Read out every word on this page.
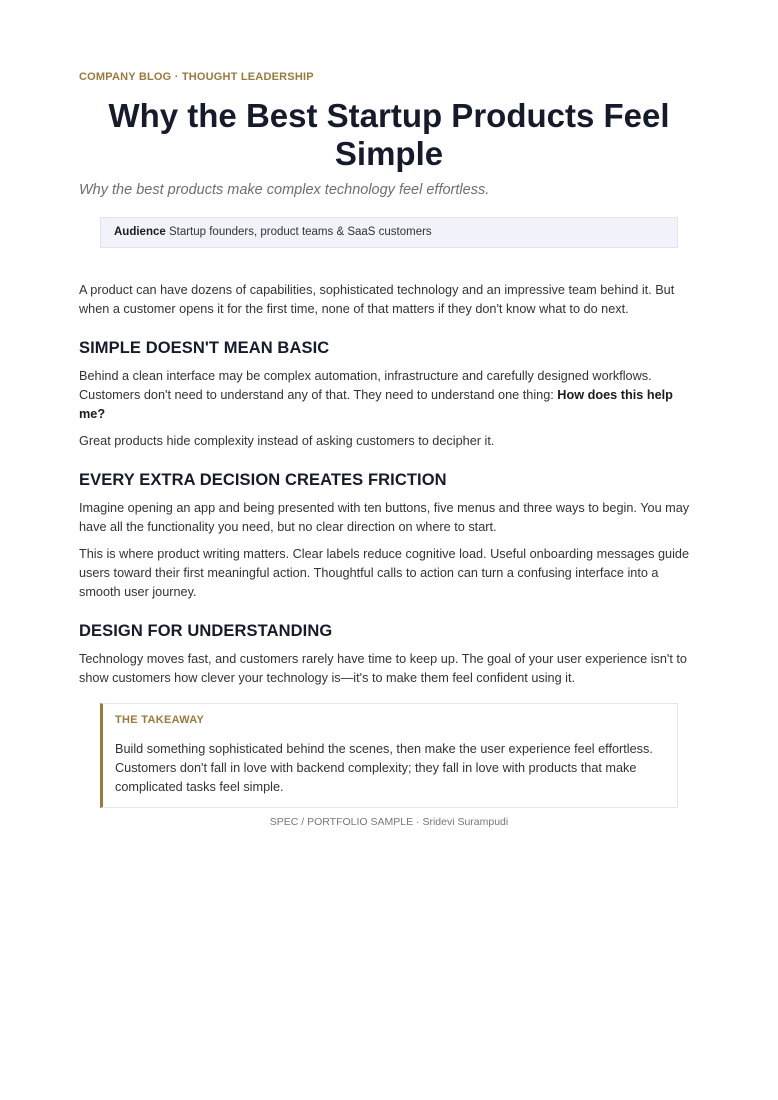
COMPANY BLOG · THOUGHT LEADERSHIP

Why the Best Startup Products Feel Simple

Why the best products make complex technology feel effortless.

Audience Startup founders, product teams & SaaS customers

A product can have dozens of capabilities, sophisticated technology and an impressive team behind it. But when a customer opens it for the first time, none of that matters if they don't know what to do next.

SIMPLE DOESN'T MEAN BASIC

Behind a clean interface may be complex automation, infrastructure and carefully designed workflows. Customers don't need to understand any of that. They need to understand one thing: How does this help me?

Great products hide complexity instead of asking customers to decipher it.

EVERY EXTRA DECISION CREATES FRICTION

Imagine opening an app and being presented with ten buttons, five menus and three ways to begin. You may have all the functionality you need, but no clear direction on where to start.

This is where product writing matters. Clear labels reduce cognitive load. Useful onboarding messages guide users toward their first meaningful action. Thoughtful calls to action can turn a confusing interface into a smooth user journey.

DESIGN FOR UNDERSTANDING

Technology moves fast, and customers rarely have time to keep up. The goal of your user experience isn't to show customers how clever your technology is—it's to make them feel confident using it.

THE TAKEAWAY

Build something sophisticated behind the scenes, then make the user experience feel effortless. Customers don't fall in love with backend complexity; they fall in love with products that make complicated tasks feel simple.

SPEC / PORTFOLIO SAMPLE · Sridevi Surampudi
